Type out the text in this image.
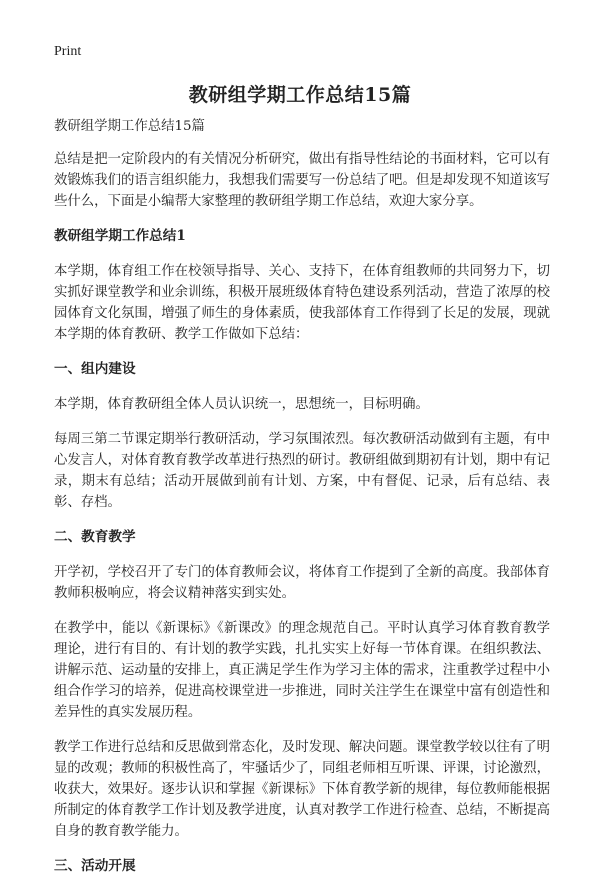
Print
教研组学期工作总结15篇

教研组学期工作总结15篇

总结是把一定阶段内的有关情况分析研究，做出有指导性结论的书面材料，它可以有效锻炼我们的语言组织能力，我想我们需要写一份总结了吧。但是却发现不知道该写些什么，下面是小编帮大家整理的教研组学期工作总结，欢迎大家分享。

教研组学期工作总结1

本学期，体育组工作在校领导指导、关心、支持下，在体育组教师的共同努力下，切实抓好课堂教学和业余训练，积极开展班级体育特色建设系列活动，营造了浓厚的校园体育文化氛围，增强了师生的身体素质，使我部体育工作得到了长足的发展，现就本学期的体育教研、教学工作做如下总结：

一、组内建设

本学期，体育教研组全体人员认识统一，思想统一，目标明确。

每周三第二节课定期举行教研活动，学习氛围浓烈。每次教研活动做到有主题，有中心发言人，对体育教育教学改革进行热烈的研讨。教研组做到期初有计划，期中有记录，期末有总结；活动开展做到前有计划、方案，中有督促、记录，后有总结、表彰、存档。

二、教育教学

开学初，学校召开了专门的体育教师会议，将体育工作提到了全新的高度。我部体育教师积极响应，将会议精神落实到实处。

在教学中，能以《新课标》《新课改》的理念规范自己。平时认真学习体育教育教学理论，进行有目的、有计划的教学实践，扎扎实实上好每一节体育课。在组织教法、讲解示范、运动量的安排上，真正满足学生作为学习主体的需求，注重教学过程中小组合作学习的培养，促进高校课堂进一步推进，同时关注学生在课堂中富有创造性和差异性的真实发展历程。

教学工作进行总结和反思做到常态化，及时发现、解决问题。课堂教学较以往有了明显的改观；教师的积极性高了，牢骚话少了，同组老师相互听课、评课，讨论激烈，收获大，效果好。逐步认识和掌握《新课标》下体育教学新的规律，每位教师能根据所制定的体育教学工作计划及教学进度，认真对教学工作进行检查、总结，不断提高自身的教育教学能力。

三、活动开展
